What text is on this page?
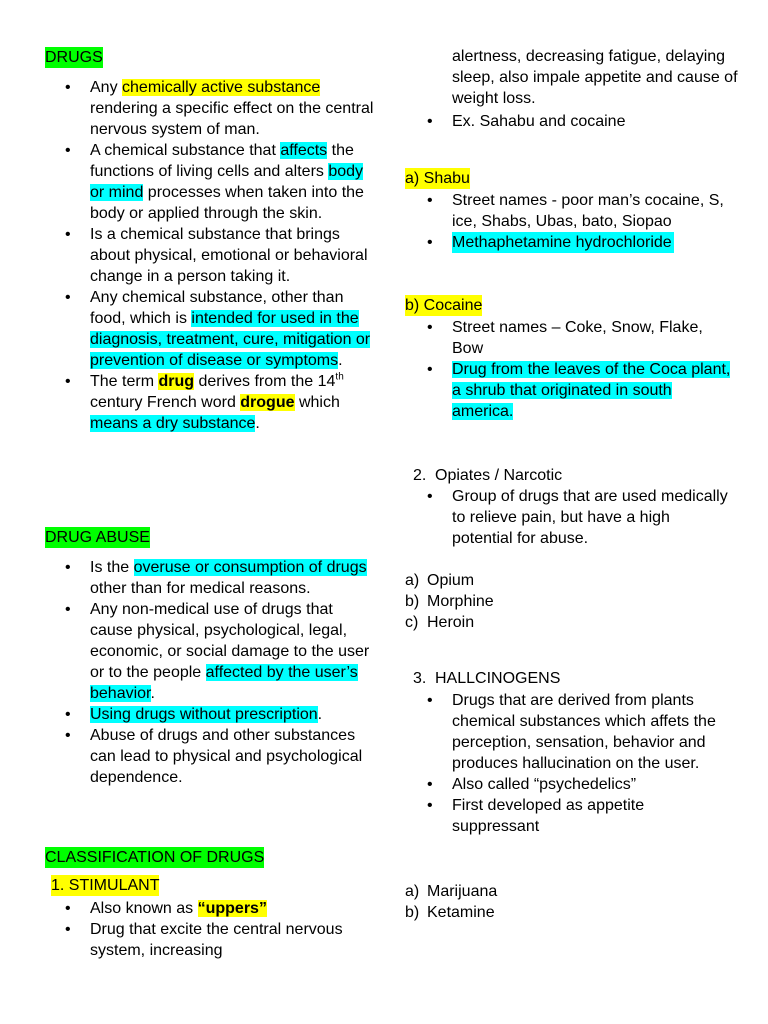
DRUGS
• Any chemically active substance rendering a specific effect on the central nervous system of man.
• A chemical substance that affects the functions of living cells and alters body or mind processes when taken into the body or applied through the skin.
• Is a chemical substance that brings about physical, emotional or behavioral change in a person taking it.
• Any chemical substance, other than food, which is intended for used in the diagnosis, treatment, cure, mitigation or prevention of disease or symptoms.
• The term drug derives from the 14th century French word drogue which means a dry substance.
DRUG ABUSE
• Is the overuse or consumption of drugs other than for medical reasons.
• Any non-medical use of drugs that cause physical, psychological, legal, economic, or social damage to the user or to the people affected by the user’s behavior.
• Using drugs without prescription.
• Abuse of drugs and other substances can lead to physical and psychological dependence.
CLASSIFICATION OF DRUGS
1. STIMULANT
• Also known as “uppers”
• Drug that excite the central nervous system, increasing
alertness, decreasing fatigue, delaying sleep, also impale appetite and cause of weight loss.
• Ex. Sahabu and cocaine
a) Shabu
• Street names - poor man’s cocaine, S, ice, Shabs, Ubas, bato, Siopao
• Methaphetamine hydrochloride
b) Cocaine
• Street names – Coke, Snow, Flake, Bow
• Drug from the leaves of the Coca plant, a shrub that originated in south america.
2. Opiates / Narcotic
• Group of drugs that are used medically to relieve pain, but have a high potential for abuse.
a) Opium
b) Morphine
c) Heroin
3. HALLCINOGENS
• Drugs that are derived from plants chemical substances which affets the perception, sensation, behavior and produces hallucination on the user.
• Also called “psychedelics”
• First developed as appetite suppressant
a) Marijuana
b) Ketamine
